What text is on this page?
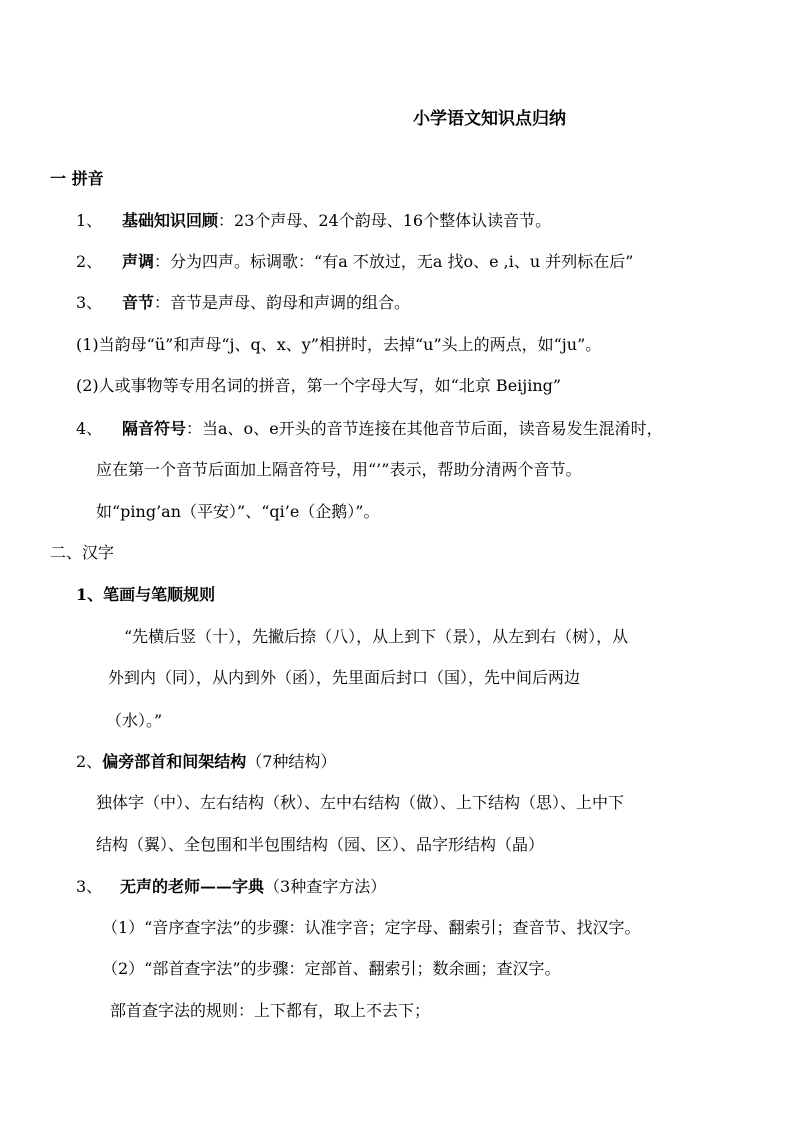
小学语文知识点归纳
一 拼音
1、 基础知识回顾：23个声母、24个韵母、16个整体认读音节。
2、 声调：分为四声。标调歌：“有a 不放过，无a 找o、e ,i、u 并列标在后”
3、 音节：音节是声母、韵母和声调的组合。
(1)当韵母“ü”和声母“j、q、x、y”相拼时，去掉“u”头上的两点，如“ju”。
(2)人或事物等专用名词的拼音，第一个字母大写，如“北京 Beijing”
4、 隔音符号：当a、o、e开头的音节连接在其他音节后面，读音易发生混淆时，
应在第一个音节后面加上隔音符号，用“’”表示，帮助分清两个音节。
如“ping’an（平安）”、“qi’e（企鹅）”。
二、汉字
1、笔画与笔顺规则
“先横后竖（十），先撇后捺（八），从上到下（景），从左到右（树），从
外到内（同），从内到外（函），先里面后封口（国），先中间后两边
（水）。”
2、偏旁部首和间架结构（7种结构）
独体字（中）、左右结构（秋）、左中右结构（做）、上下结构（思）、上中下
结构（翼）、全包围和半包围结构（园、区）、品字形结构（晶）
3、 无声的老师——字典（3种查字方法）
（1）“音序查字法”的步骤：认准字音；定字母、翻索引；查音节、找汉字。
（2）“部首查字法”的步骤：定部首、翻索引；数余画；查汉字。
部首查字法的规则：上下都有，取上不去下；
